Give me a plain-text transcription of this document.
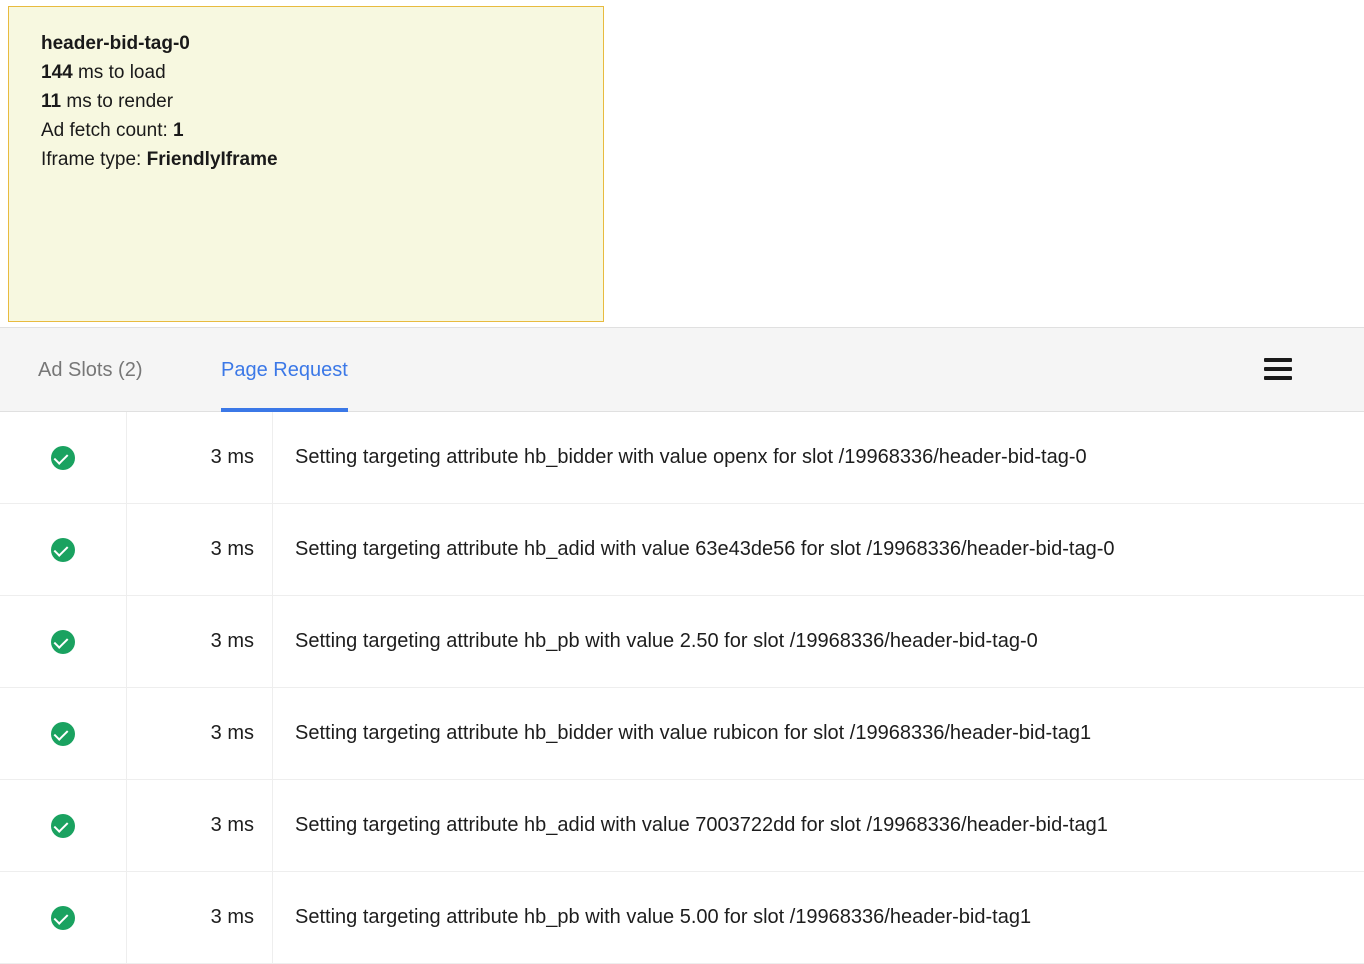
header-bid-tag-0
144 ms to load
11 ms to render
Ad fetch count: 1
Iframe type: FriendlyIframe
Ad Slots (2)	Page Request
	3 ms	Setting targeting attribute hb_bidder with value openx for slot /19968336/header-bid-tag-0
	3 ms	Setting targeting attribute hb_adid with value 63e43de56 for slot /19968336/header-bid-tag-0
	3 ms	Setting targeting attribute hb_pb with value 2.50 for slot /19968336/header-bid-tag-0
	3 ms	Setting targeting attribute hb_bidder with value rubicon for slot /19968336/header-bid-tag1
	3 ms	Setting targeting attribute hb_adid with value 7003722dd for slot /19968336/header-bid-tag1
	3 ms	Setting targeting attribute hb_pb with value 5.00 for slot /19968336/header-bid-tag1
